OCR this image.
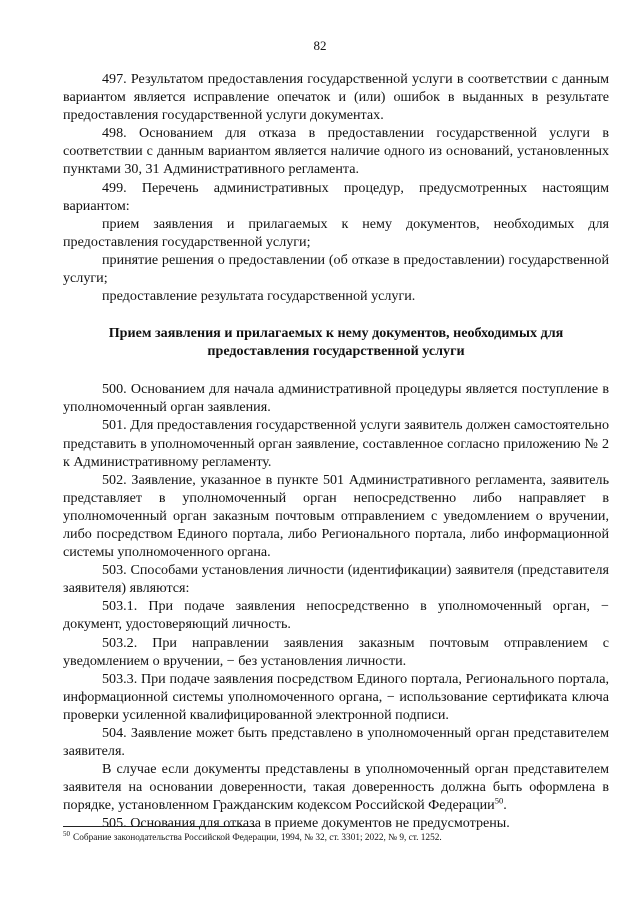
82

497. Результатом предоставления государственной услуги в соответствии с данным вариантом является исправление опечаток и (или) ошибок в выданных в результате предоставления государственной услуги документах.

498. Основанием для отказа в предоставлении государственной услуги в соответствии с данным вариантом является наличие одного из оснований, установленных пунктами 30, 31 Административного регламента.

499. Перечень административных процедур, предусмотренных настоящим вариантом:

прием заявления и прилагаемых к нему документов, необходимых для предоставления государственной услуги;

принятие решения о предоставлении (об отказе в предоставлении) государственной услуги;

предоставление результата государственной услуги.

Прием заявления и прилагаемых к нему документов, необходимых для предоставления государственной услуги

500. Основанием для начала административной процедуры является поступление в уполномоченный орган заявления.

501. Для предоставления государственной услуги заявитель должен самостоятельно представить в уполномоченный орган заявление, составленное согласно приложению № 2 к Административному регламенту.

502. Заявление, указанное в пункте 501 Административного регламента, заявитель представляет в уполномоченный орган непосредственно либо направляет в уполномоченный орган заказным почтовым отправлением с уведомлением о вручении, либо посредством Единого портала, либо Регионального портала, либо информационной системы уполномоченного органа.

503. Способами установления личности (идентификации) заявителя (представителя заявителя) являются:

503.1. При подаче заявления непосредственно в уполномоченный орган, − документ, удостоверяющий личность.

503.2. При направлении заявления заказным почтовым отправлением с уведомлением о вручении, − без установления личности.

503.3. При подаче заявления посредством Единого портала, Регионального портала, информационной системы уполномоченного органа, − использование сертификата ключа проверки усиленной квалифицированной электронной подписи.

504. Заявление может быть представлено в уполномоченный орган представителем заявителя.

В случае если документы представлены в уполномоченный орган представителем заявителя на основании доверенности, такая доверенность должна быть оформлена в порядке, установленном Гражданским кодексом Российской Федерации$^{50}$.

505. Основания для отказа в приеме документов не предусмотрены.

$^{50}$ Собрание законодательства Российской Федерации, 1994, № 32, ст. 3301; 2022, № 9, ст. 1252.
